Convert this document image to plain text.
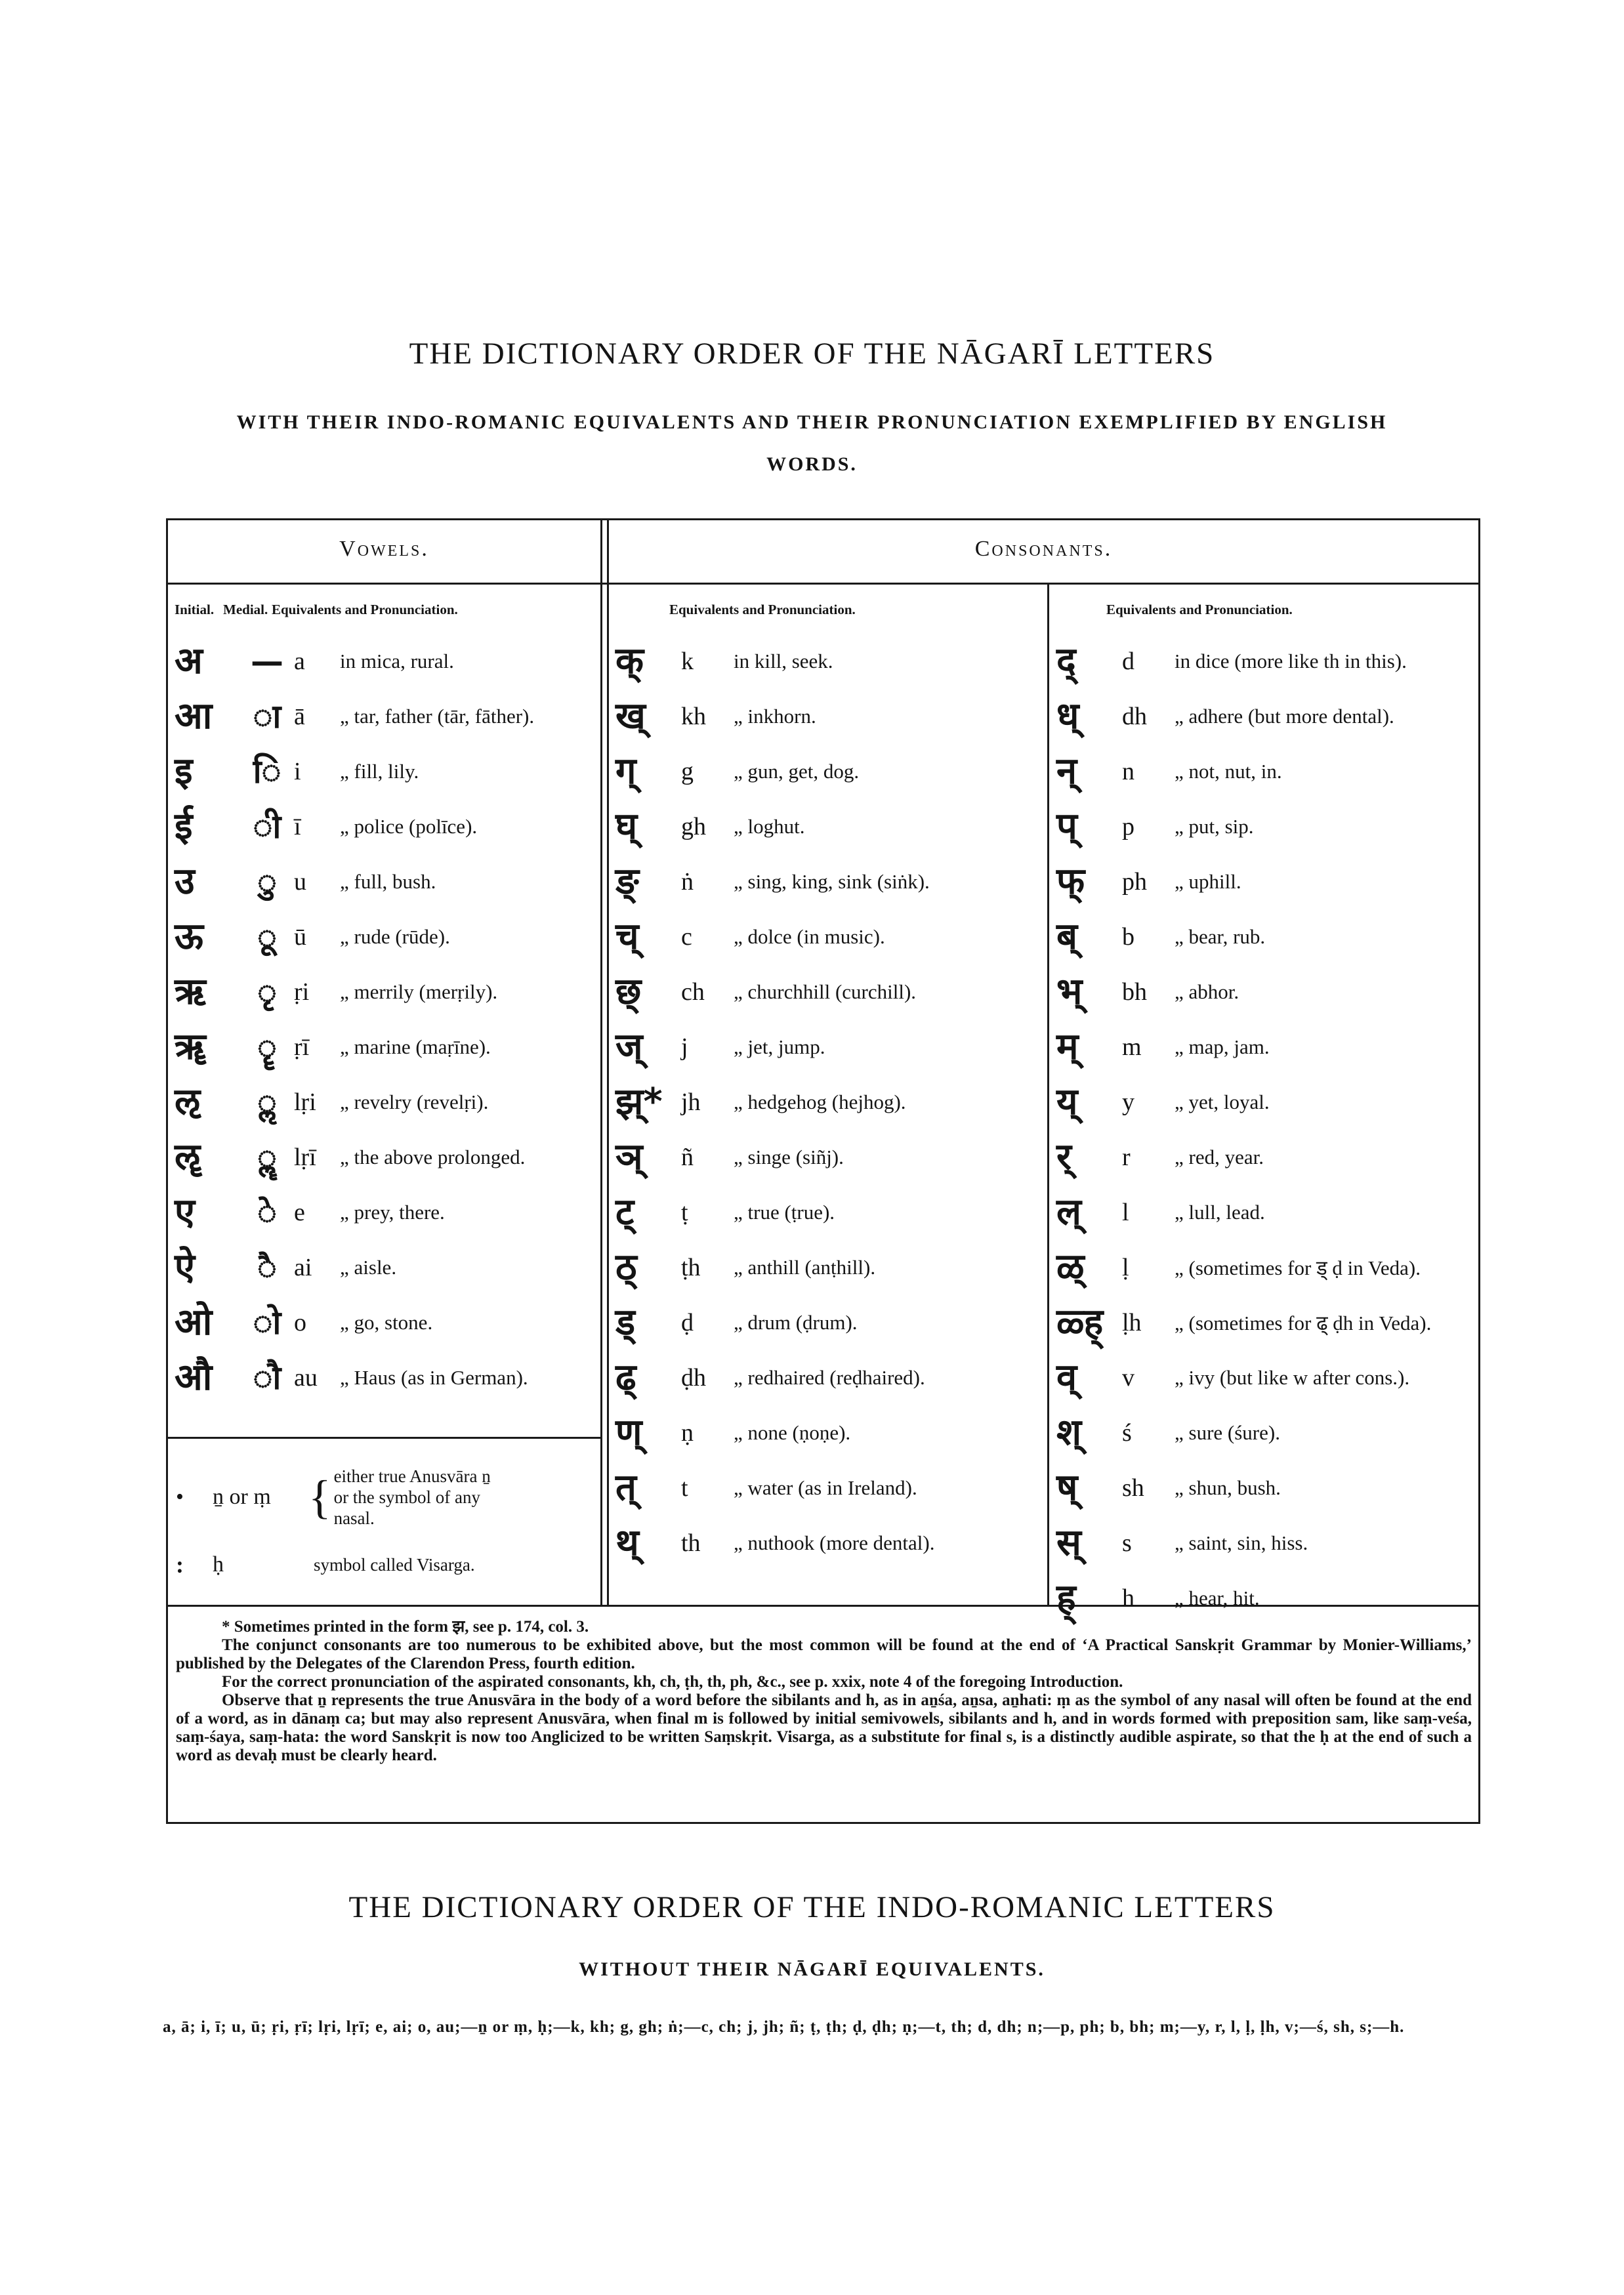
THE DICTIONARY ORDER OF THE NĀGARĪ LETTERS
WITH THEIR INDO-ROMANIC EQUIVALENTS AND THEIR PRONUNCIATION EXEMPLIFIED BY ENGLISH WORDS.
Vowels.	Consonants.
Initial. Medial. Equivalents and Pronunciation.	Equivalents and Pronunciation.	Equivalents and Pronunciation.
अ	— a	in mica, rural.
आ	ा ā	„ tar, father (tār, fāther).
इ	ि i	„ fill, lily.
ई	ी ī	„ police (polīce).
उ	ु u	„ full, bush.
ऊ	ू ū	„ rude (rūde).
ऋ	ृ ṛi	„ merrily (merṛily).
ॠ	ॄ ṛī	„ marine (maṛīne).
ऌ	ॢ lṛi	„ revelry (revelṛi).
ॡ	ॣ lṛī	„ the above prolonged.
ए	े e	„ prey, there.
ऐ	ै ai	„ aisle.
ओ	ो o	„ go, stone.
औ	ौ au	„ Haus (as in German).
•	ṉ or ṃ { either true Anusvāra ṉ
or the symbol of any
nasal.
:	ḥ	symbol called Visarga.
क्	k	in kill, seek.
ख्	kh	„ inkhorn.
ग्	g	„ gun, get, dog.
घ्	gh	„ loghut.
ङ्	ṅ	„ sing, king, sink (siṅk).
च्	c	„ dolce (in music).
छ्	ch	„ churchhill (curchill).
ज्	j	„ jet, jump.
झ्* jh	„ hedgehog (hejhog).
ञ्	ñ	„ singe (siñj).
ट्	ṭ	„ true (ṭrue).
ठ्	ṭh	„ anthill (anṭhill).
ड्	ḍ	„ drum (ḍrum).
ढ्	ḍh	„ redhaired (reḍhaired).
ण्	ṇ	„ none (ṇoṇe).
त्	t	„ water (as in Ireland).
थ्	th	„ nuthook (more dental).
द्	d	in dice (more like th in this).
ध्	dh	„ adhere (but more dental).
न्	n	„ not, nut, in.
प्	p	„ put, sip.
फ्	ph	„ uphill.
ब्	b	„ bear, rub.
भ्	bh	„ abhor.
म्	m	„ map, jam.
य्	y	„ yet, loyal.
र्	r	„ red, year.
ल्	l	„ lull, lead.
ळ्	ḷ	„ (sometimes for ड् ḍ in Veda).
ळ्ह् ḷh	„ (sometimes for ढ् ḍh in Veda).
व्	v	„ ivy (but like w after cons.).
श्	ś	„ sure (śure).
ष्	sh	„ shun, bush.
स्	s	„ saint, sin, hiss.
ह्	h	„ hear, hit.

* Sometimes printed in the form झ, see p. 174, col. 3.

The conjunct consonants are too numerous to be exhibited above, but the most common will be found at the end of ‘A Practical Sanskṛit Grammar by Monier-Williams,’ published by the Delegates of the Clarendon Press, fourth edition.

For the correct pronunciation of the aspirated consonants, kh, ch, ṭh, th, ph, &c., see p. xxix, note 4 of the foregoing Introduction.

Observe that ṉ represents the true Anusvāra in the body of a word before the sibilants and h, as in aṉśa, aṉsa, aṉhati: ṃ as the symbol of any nasal will often be found at the end of a word, as in dānaṃ ca; but may also represent Anusvāra, when final m is followed by initial semivowels, sibilants and h, and in words formed with preposition sam, like saṃ-veśa, saṃ-śaya, saṃ-hata: the word Sanskṛit is now too Anglicized to be written Saṃskṛit. Visarga, as a substitute for final s, is a distinctly audible aspirate, so that the ḥ at the end of such a word as devaḥ must be clearly heard.

THE DICTIONARY ORDER OF THE INDO-ROMANIC LETTERS
WITHOUT THEIR NĀGARĪ EQUIVALENTS.
a, ā; i, ī; u, ū; ṛi, ṛī; lṛi, lṛī; e, ai; o, au;—ṉ or ṃ, ḥ;—k, kh; g, gh; ṅ;—c, ch; j, jh; ñ; ṭ, ṭh; ḍ, ḍh; ṇ;—t, th; d, dh; n;—p, ph; b, bh; m;—y, r, l, ḷ, ḷh, v;—ś, sh, s;—h.
